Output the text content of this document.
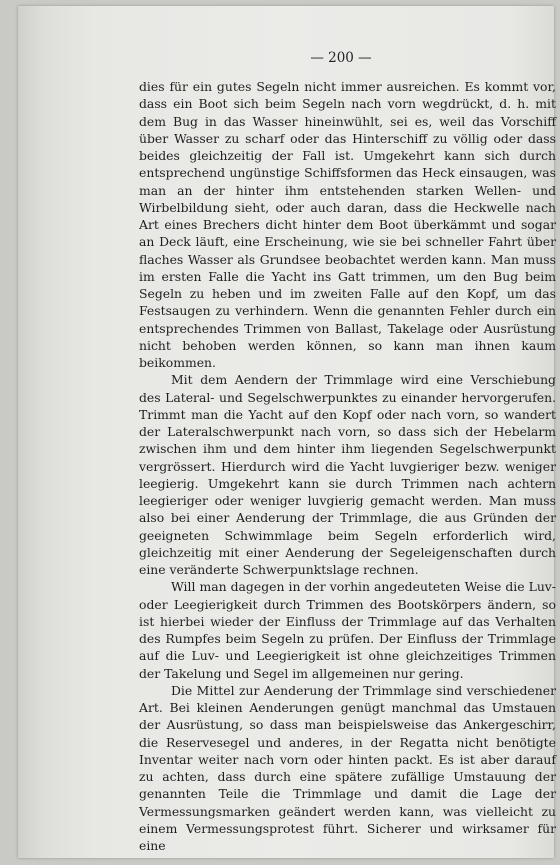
— 200 —

dies für ein gutes Segeln nicht immer ausreichen. Es kommt vor, dass ein Boot sich beim Segeln nach vorn wegdrückt, d. h. mit dem Bug in das Wasser hineinwühlt, sei es, weil das Vorschiff über Wasser zu scharf oder das Hinterschiff zu völlig oder dass beides gleichzeitig der Fall ist. Umgekehrt kann sich durch entsprechend ungünstige Schiffsformen das Heck einsaugen, was man an der hinter ihm entstehenden starken Wellen- und Wirbelbildung sieht, oder auch daran, dass die Heckwelle nach Art eines Brechers dicht hinter dem Boot überkämmt und sogar an Deck läuft, eine Erscheinung, wie sie bei schneller Fahrt über flaches Wasser als Grundsee beobachtet werden kann. Man muss im ersten Falle die Yacht ins Gatt trimmen, um den Bug beim Segeln zu heben und im zweiten Falle auf den Kopf, um das Festsaugen zu verhindern. Wenn die genannten Fehler durch ein entsprechendes Trimmen von Ballast, Takelage oder Ausrüstung nicht behoben werden können, so kann man ihnen kaum beikommen.

Mit dem Aendern der Trimmlage wird eine Verschiebung des Lateral- und Segelschwerpunktes zu einander hervorgerufen. Trimmt man die Yacht auf den Kopf oder nach vorn, so wandert der Lateralschwerpunkt nach vorn, so dass sich der Hebelarm zwischen ihm und dem hinter ihm liegenden Segelschwerpunkt vergrössert. Hierdurch wird die Yacht luvgieriger bezw. weniger leegierig. Umgekehrt kann sie durch Trimmen nach achtern leegieriger oder weniger luvgierig gemacht werden. Man muss also bei einer Aenderung der Trimmlage, die aus Gründen der geeigneten Schwimmlage beim Segeln erforderlich wird, gleichzeitig mit einer Aenderung der Segeleigenschaften durch eine veränderte Schwerpunktslage rechnen.

Will man dagegen in der vorhin angedeuteten Weise die Luv- oder Leegierigkeit durch Trimmen des Bootskörpers ändern, so ist hierbei wieder der Einfluss der Trimmlage auf das Verhalten des Rumpfes beim Segeln zu prüfen. Der Einfluss der Trimmlage auf die Luv- und Leegierigkeit ist ohne gleichzeitiges Trimmen der Takelung und Segel im allgemeinen nur gering.

Die Mittel zur Aenderung der Trimmlage sind verschiedener Art. Bei kleinen Aenderungen genügt manchmal das Umstauen der Ausrüstung, so dass man beispielsweise das Ankergeschirr, die Reservesegel und anderes, in der Regatta nicht benötigte Inventar weiter nach vorn oder hinten packt. Es ist aber darauf zu achten, dass durch eine spätere zufällige Umstauung der genannten Teile die Trimmlage und damit die Lage der Vermessungsmarken geändert werden kann, was vielleicht zu einem Vermessungsprotest führt. Sicherer und wirksamer für eine
